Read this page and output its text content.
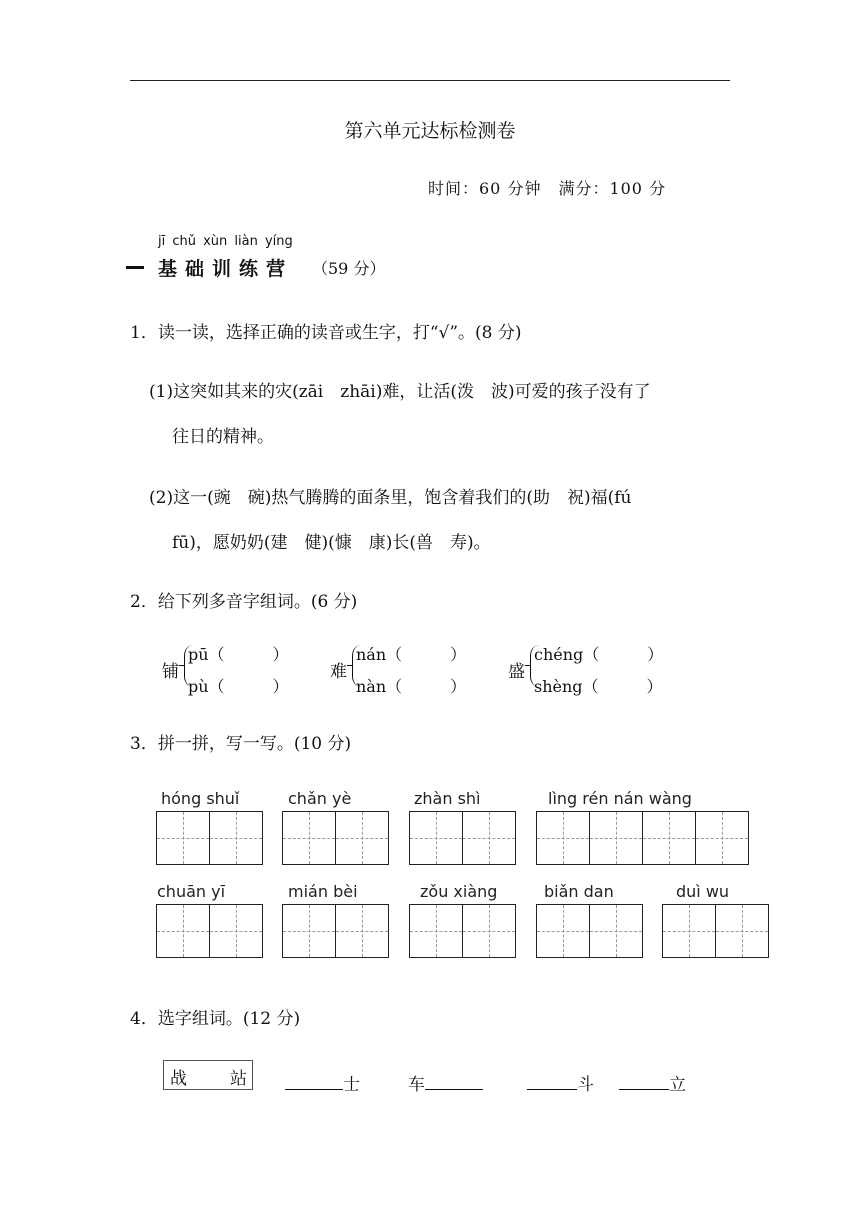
第六单元达标检测卷
时间：60 分钟　满分：100 分
jī chǔ xùn liàn yíng
基础训练营 （59 分）
1．读一读，选择正确的读音或生字，打“√”。(8 分)
(1)这突如其来的灾(zāi　zhāi)难，让活(泼　波)可爱的孩子没有了
往日的精神。
(2)这一(豌　碗)热气腾腾的面条里，饱含着我们的(助　祝)福(fú
fū)，愿奶奶(建　健)(慷　康)长(兽　寿)。
2．给下列多音字组词。(6 分)
铺
pū（　　　）
pù（　　　）
难
nán（　　　）
nàn（　　　）
盛
chéng（　　　）
shèng（　　　）
3．拼一拼，写一写。(10 分)
hóng shuǐ	chǎn yè	zhàn shì	lìng rén nán wàng
chuān yī	mián bèi	zǒu xiàng	biǎn dan	duì wu
4．选字组词。(12 分)
战	站	士	车	斗	立
